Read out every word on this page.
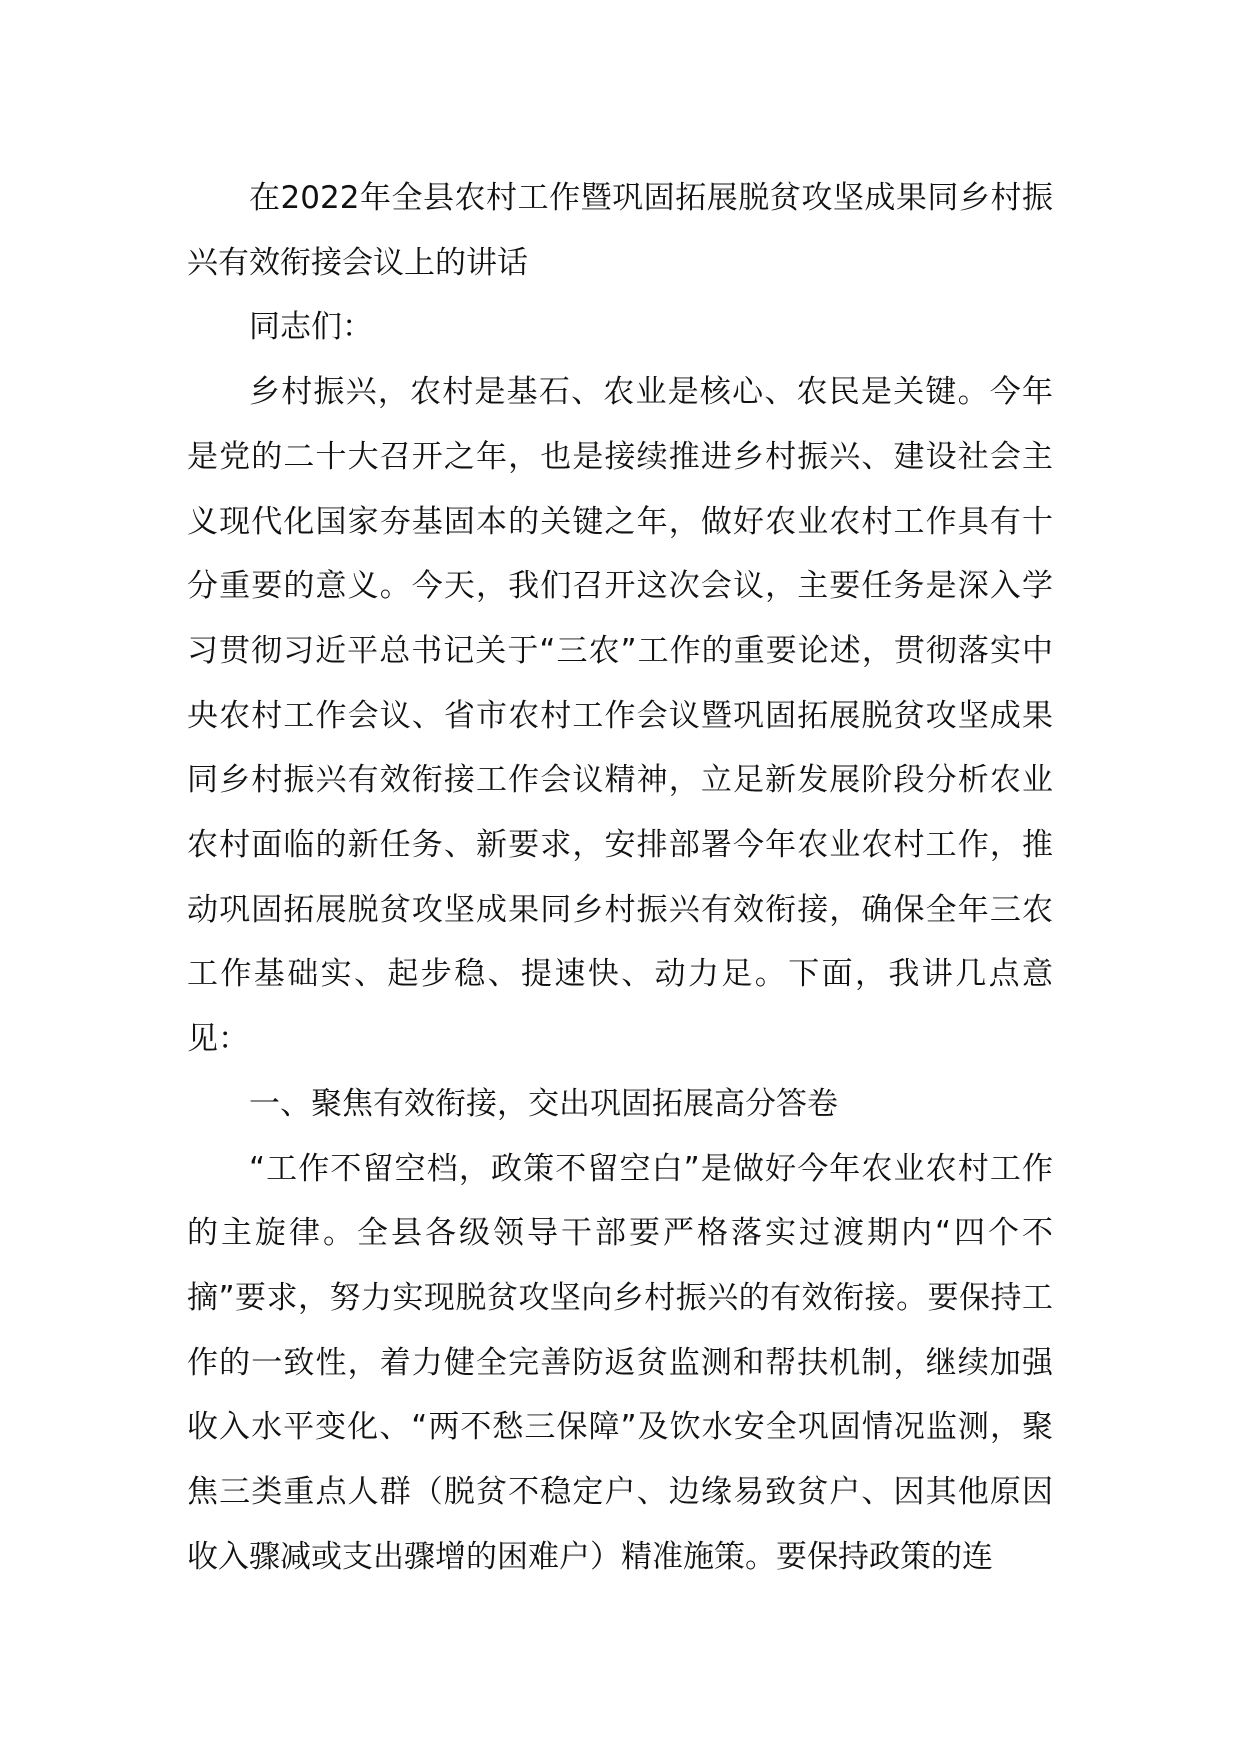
在2022年全县农村工作暨巩固拓展脱贫攻坚成果同乡村振兴有效衔接会议上的讲话

同志们：

乡村振兴，农村是基石、农业是核心、农民是关键。今年是党的二十大召开之年，也是接续推进乡村振兴、建设社会主义现代化国家夯基固本的关键之年，做好农业农村工作具有十分重要的意义。今天，我们召开这次会议，主要任务是深入学习贯彻习近平总书记关于“三农”工作的重要论述，贯彻落实中央农村工作会议、省市农村工作会议暨巩固拓展脱贫攻坚成果同乡村振兴有效衔接工作会议精神，立足新发展阶段分析农业农村面临的新任务、新要求，安排部署今年农业农村工作，推动巩固拓展脱贫攻坚成果同乡村振兴有效衔接，确保全年三农工作基础实、起步稳、提速快、动力足。下面，我讲几点意见：

一、聚焦有效衔接，交出巩固拓展高分答卷

“工作不留空档，政策不留空白”是做好今年农业农村工作的主旋律。全县各级领导干部要严格落实过渡期内“四个不摘”要求，努力实现脱贫攻坚向乡村振兴的有效衔接。要保持工作的一致性，着力健全完善防返贫监测和帮扶机制，继续加强收入水平变化、“两不愁三保障”及饮水安全巩固情况监测，聚焦三类重点人群（脱贫不稳定户、边缘易致贫户、因其他原因收入骤减或支出骤增的困难户）精准施策。要保持政策的连
